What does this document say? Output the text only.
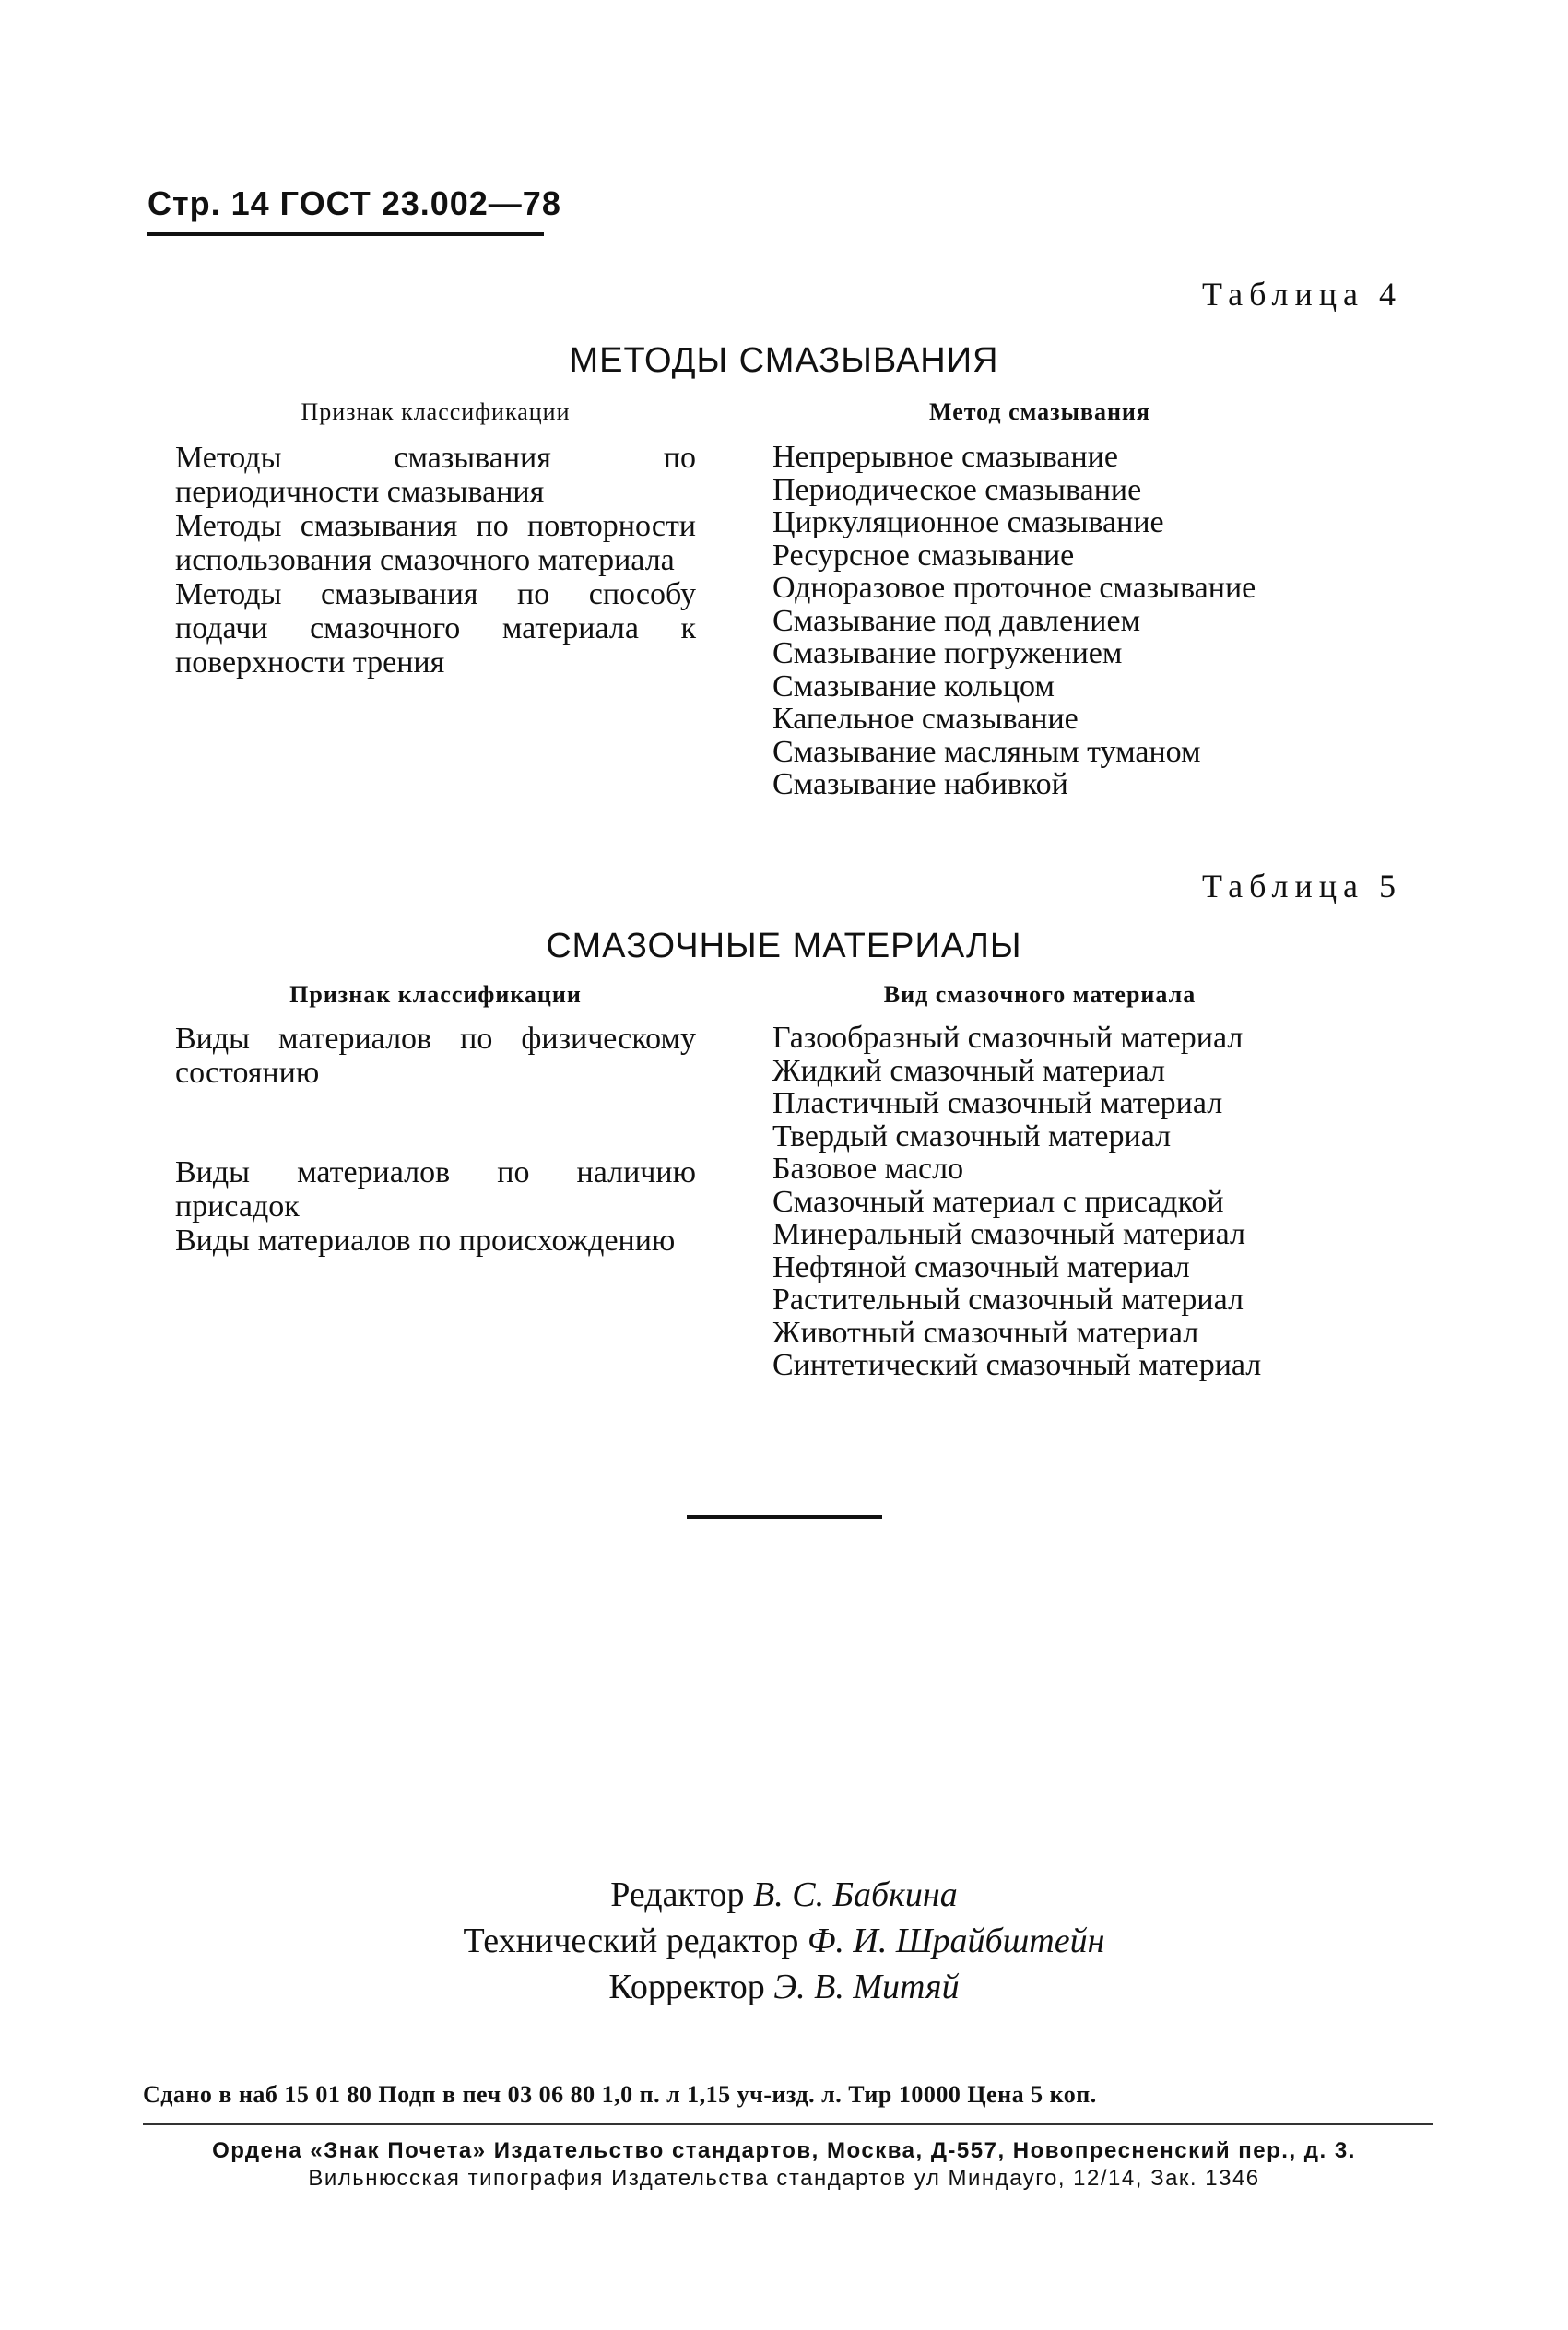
Стр. 14 ГОСТ 23.002—78
Таблица 4
МЕТОДЫ СМАЗЫВАНИЯ
Признак классификации	Метод смазывания
Методы смазывания по периодичности смазывания
Методы смазывания по повторности использования смазочного материала
Методы смазывания по способу подачи смазочного материала к поверхности трения
Непрерывное смазывание
Периодическое смазывание
Циркуляционное смазывание
Ресурсное смазывание
Одноразовое проточное смазывание
Смазывание под давлением
Смазывание погружением
Смазывание кольцом
Капельное смазывание
Смазывание масляным туманом
Смазывание набивкой
Таблица 5
СМАЗОЧНЫЕ МАТЕРИАЛЫ
Признак классификации	Вид смазочного материала
Виды материалов по физическому состоянию
Виды материалов по наличию присадок
Виды материалов по происхождению
Газообразный смазочный материал
Жидкий смазочный материал
Пластичный смазочный материал
Твердый смазочный материал
Базовое масло
Смазочный материал с присадкой
Минеральный смазочный материал
Нефтяной смазочный материал
Растительный смазочный материал
Животный смазочный материал
Синтетический смазочный материал
Редактор В. С. Бабкина
Технический редактор Ф. И. Шрайбштейн
Корректор Э. В. Митяй
Сдано в наб 15 01 80 Подп в печ 03 06 80 1,0 п. л 1,15 уч-изд. л. Тир 10000 Цена 5 коп.
Ордена «Знак Почета» Издательство стандартов, Москва, Д-557, Новопресненский пер., д. 3.
Вильнюсская типография Издательства стандартов ул Миндауго, 12/14, Зак. 1346
